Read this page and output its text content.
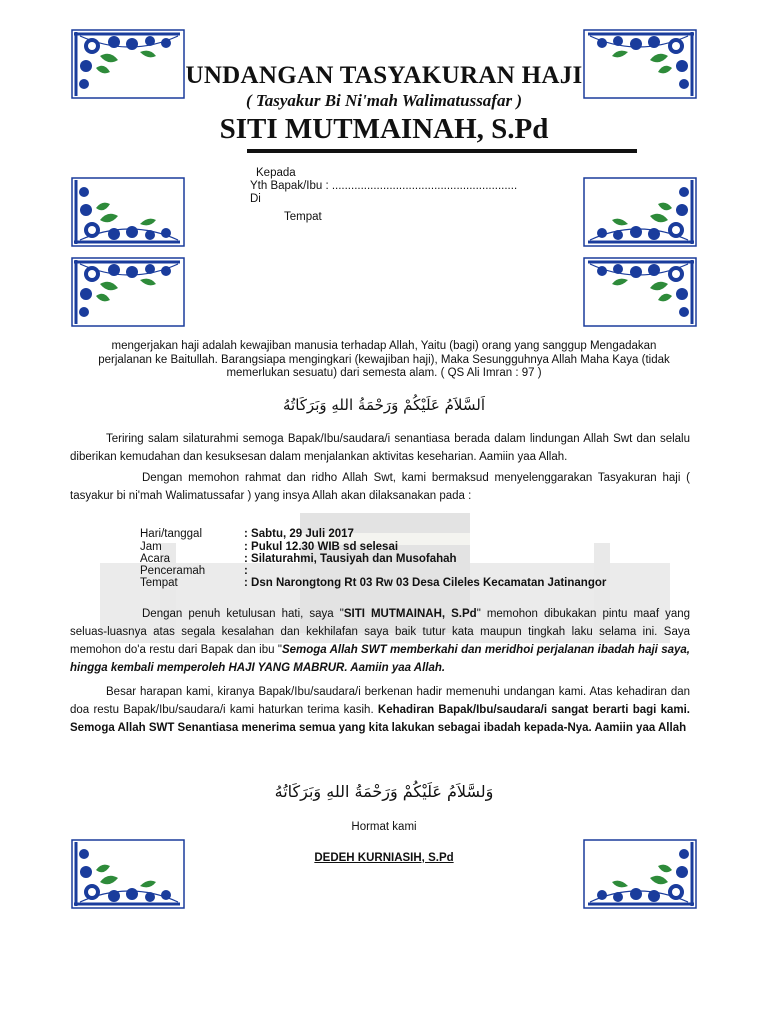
UNDANGAN TASYAKURAN HAJI
( Tasyakur Bi Ni'mah Walimatussafar )
SITI MUTMAINAH, S.Pd
Kepada
Yth Bapak/Ibu : ..........................................................
Di
Tempat
mengerjakan haji adalah kewajiban manusia terhadap Allah, Yaitu (bagi) orang yang sanggup Mengadakan
perjalanan ke Baitullah. Barangsiapa mengingkari (kewajiban haji), Maka Sesungguhnya Allah Maha Kaya (tidak
memerlukan sesuatu) dari semesta alam. ( QS Ali Imran : 97 )
اَلسَّلاَمُ عَلَيْكُمْ وَرَحْمَةُ اللهِ وَبَرَكَاتُهُ
Teriring salam silaturahmi semoga Bapak/Ibu/saudara/i senantiasa berada dalam lindungan Allah Swt dan selalu diberikan kemudahan dan kesuksesan dalam menjalankan aktivitas keseharian. Aamiin yaa Allah.
Dengan memohon rahmat dan ridho Allah Swt, kami bermaksud menyelenggarakan Tasyakuran haji ( tasyakur bi ni'mah Walimatussafar ) yang insya Allah akan dilaksanakan pada :
Hari/tanggal	: Sabtu, 29 Juli 2017
Jam	: Pukul 12.30 WIB sd selesai
Acara	: Silaturahmi, Tausiyah dan Musofahah
Penceramah	:
Tempat	: Dsn Narongtong Rt 03 Rw 03 Desa Cileles Kecamatan Jatinangor
Dengan penuh ketulusan hati, saya "SITI MUTMAINAH, S.Pd" memohon dibukakan pintu maaf yang seluas-luasnya atas segala kesalahan dan kekhilafan saya baik tutur kata maupun tingkah laku selama ini. Saya memohon do'a restu dari Bapak dan ibu "Semoga Allah SWT memberkahi dan meridhoi perjalanan ibadah haji saya, hingga kembali memperoleh HAJI YANG MABRUR. Aamiin yaa Allah.
Besar harapan kami, kiranya Bapak/Ibu/saudara/i berkenan hadir memenuhi undangan kami. Atas kehadiran dan doa restu Bapak/Ibu/saudara/i kami haturkan terima kasih. Kehadiran Bapak/Ibu/saudara/i sangat berarti bagi kami. Semoga Allah SWT Senantiasa menerima semua yang kita lakukan sebagai ibadah kepada-Nya. Aamiin yaa Allah
وَلسَّلاَمُ عَلَيْكُمْ وَرَحْمَةُ اللهِ وَبَرَكَاتُهُ
Hormat kami
DEDEH KURNIASIH, S.Pd
